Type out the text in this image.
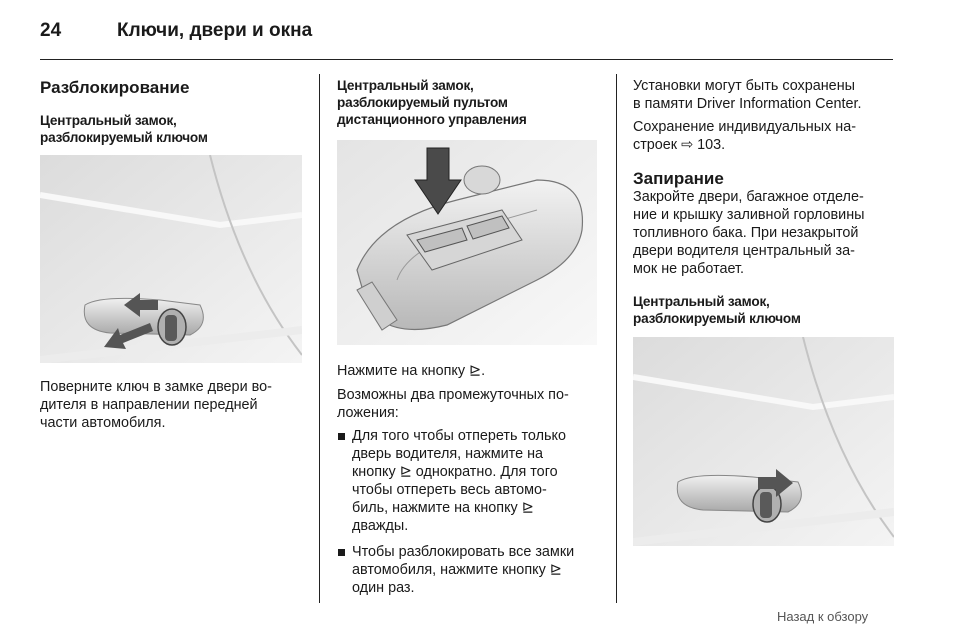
24	Ключи, двери и окна
Разблокирование
Центральный замок,
разблокируемый ключом

Поверните ключ в замке двери во-
дителя в направлении передней
части автомобиля.

Центральный замок,
разблокируемый пультом
дистанционного управления

Нажмите на кнопку ⊵.

Возможны два промежуточных по-
ложения:

Для того чтобы отпереть только
дверь водителя, нажмите на
кнопку ⊵ однократно. Для того
чтобы отпереть весь автомо-
биль, нажмите на кнопку ⊵
дважды.
Чтобы разблокировать все замки
автомобиля, нажмите кнопку ⊵
один раз.

Установки могут быть сохранены
в памяти Driver Information Center.

Сохранение индивидуальных на-
строек ⇨ 103.

Запирание

Закройте двери, багажное отделе-
ние и крышку заливной горловины
топливного бака. При незакрытой
двери водителя центральный за-
мок не работает.

Центральный замок,
разблокируемый ключом
Назад к обзору
